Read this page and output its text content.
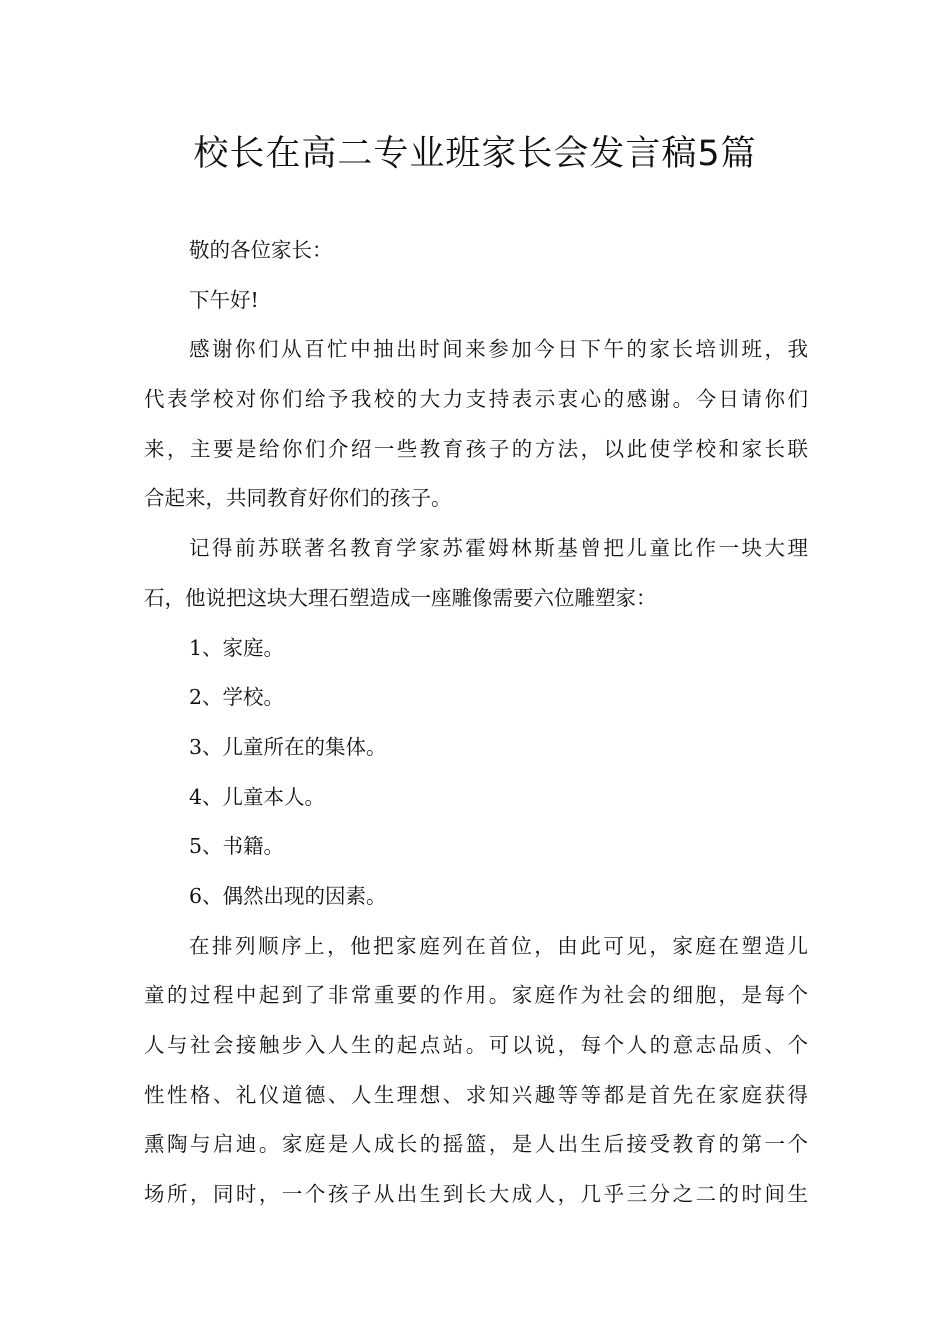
校长在高二专业班家长会发言稿5篇
敬的各位家长：
下午好!
感谢你们从百忙中抽出时间来参加今日下午的家长培训班，我
代表学校对你们给予我校的大力支持表示衷心的感谢。今日请你们
来，主要是给你们介绍一些教育孩子的方法，以此使学校和家长联
合起来，共同教育好你们的孩子。
记得前苏联著名教育学家苏霍姆林斯基曾把儿童比作一块大理
石，他说把这块大理石塑造成一座雕像需要六位雕塑家：
1、家庭。
2、学校。
3、儿童所在的集体。
4、儿童本人。
5、书籍。
6、偶然出现的因素。
在排列顺序上，他把家庭列在首位，由此可见，家庭在塑造儿
童的过程中起到了非常重要的作用。家庭作为社会的细胞，是每个
人与社会接触步入人生的起点站。可以说，每个人的意志品质、个
性性格、礼仪道德、人生理想、求知兴趣等等都是首先在家庭获得
熏陶与启迪。家庭是人成长的摇篮，是人出生后接受教育的第一个
场所，同时，一个孩子从出生到长大成人，几乎三分之二的时间生
